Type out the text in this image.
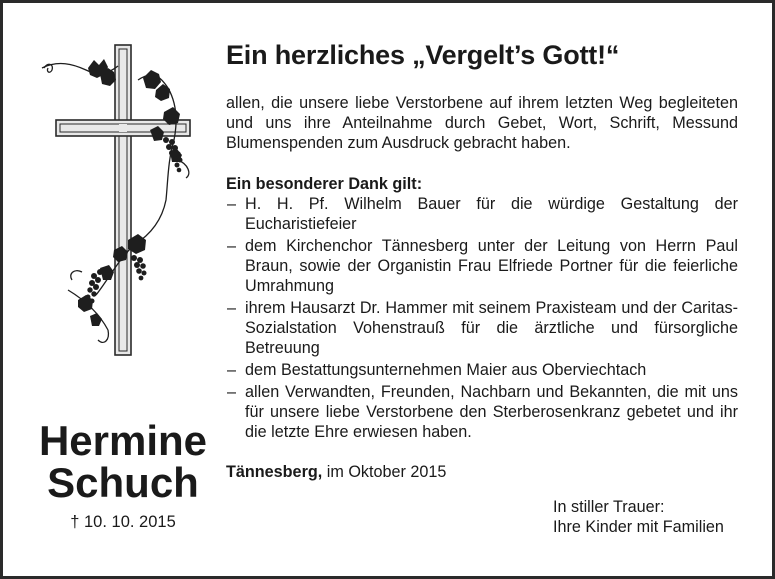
Hermine
Schuch
† 10. 10. 2015
Ein herzliches „Vergelt’s Gott!“
allen, die unsere liebe Verstorbene auf ihrem letzten Weg begleiteten und uns ihre Anteilnahme durch Gebet, Wort, Schrift, Messund Blumenspenden zum Ausdruck gebracht haben.
Ein besonderer Dank gilt:
– H. H. Pf. Wilhelm Bauer für die würdige Gestaltung der Eucharistiefeier
– dem Kirchenchor Tännesberg unter der Leitung von Herrn Paul Braun, sowie der Organistin Frau Elfriede Portner für die feierliche Umrahmung
– ihrem Hausarzt Dr. Hammer mit seinem Praxisteam und der Caritas-Sozialstation Vohenstrauß für die ärztliche und fürsorgliche Betreuung
– dem Bestattungsunternehmen Maier aus Oberviechtach
– allen Verwandten, Freunden, Nachbarn und Bekannten, die mit uns für unsere liebe Verstorbene den Sterberosenkranz gebetet und ihr die letzte Ehre erwiesen haben.
Tännesberg, im Oktober 2015
In stiller Trauer:
Ihre Kinder mit Familien
